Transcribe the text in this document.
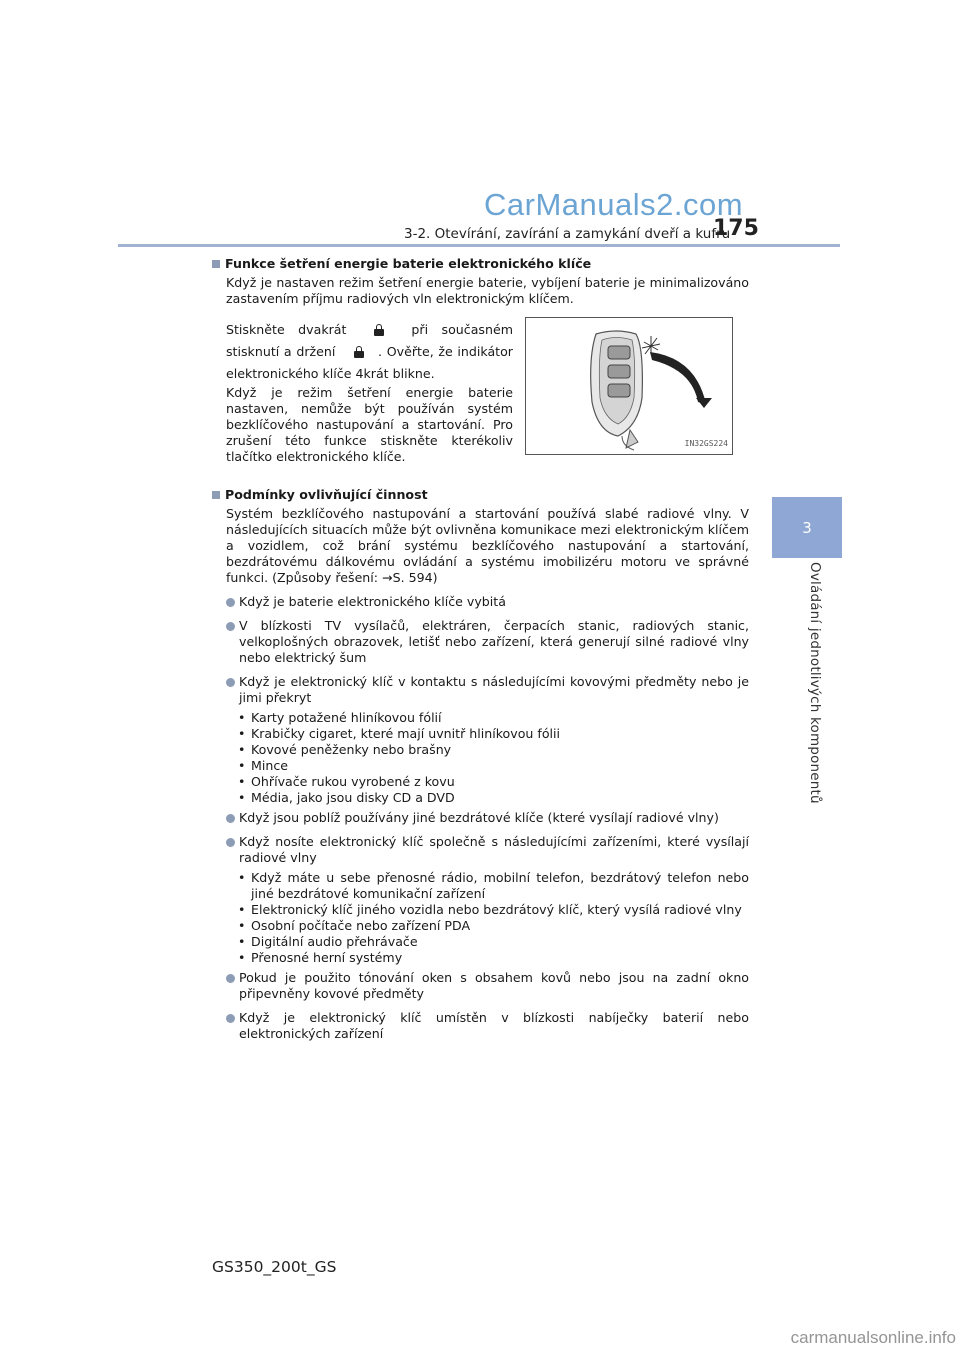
CarManuals2.com
3-2. Otevírání, zavírání a zamykání dveří a kufru
175
3
Ovládání jednotlivých komponentů
Funkce šetření energie baterie elektronického klíče

Když je nastaven režim šetření energie baterie, vybíjení baterie je minimalizováno zastavením příjmu radiových vln elektronickým klíčem.

Stiskněte dvakrát	při současném stisknutí a držení	. Ověřte, že indikátor elektronického klíče 4krát blikne.
Když je režim šetření energie baterie nastaven, nemůže být používán systém bezklíčového nastupování a startování. Pro zrušení této funkce stiskněte kterékoliv tlačítko elektronického klíče.
IN32GS224
Podmínky ovlivňující činnost

Systém bezklíčového nastupování a startování používá slabé radiové vlny. V následujících situacích může být ovlivněna komunikace mezi elektronickým klíčem a vozidlem, což brání systému bezklíčového nastupování a startování, bezdrátovému dálkovému ovládání a systému imobilizéru motoru ve správné funkci. (Způsoby řešení: →S. 594)

Když je baterie elektronického klíče vybitá
V blízkosti TV vysílačů, elektráren, čerpacích stanic, radiových stanic, velkoplošných obrazovek, letišť nebo zařízení, která generují silné radiové vlny nebo elektrický šum
Když je elektronický klíč v kontaktu s následujícími kovovými předměty nebo je jimi překryt
• Karty potažené hliníkovou fólií
• Krabičky cigaret, které mají uvnitř hliníkovou fólii
• Kovové peněženky nebo brašny
• Mince
• Ohřívače rukou vyrobené z kovu
• Média, jako jsou disky CD a DVD
Když jsou poblíž používány jiné bezdrátové klíče (které vysílají radiové vlny)
Když nosíte elektronický klíč společně s následujícími zařízeními, které vysílají radiové vlny
• Když máte u sebe přenosné rádio, mobilní telefon, bezdrátový telefon nebo jiné bezdrátové komunikační zařízení
• Elektronický klíč jiného vozidla nebo bezdrátový klíč, který vysílá radiové vlny
• Osobní počítače nebo zařízení PDA
• Digitální audio přehrávače
• Přenosné herní systémy
Pokud je použito tónování oken s obsahem kovů nebo jsou na zadní okno připevněny kovové předměty
Když je elektronický klíč umístěn v blízkosti nabíječky baterií nebo elektronických zařízení
GS350_200t_GS
carmanualsonline.info
